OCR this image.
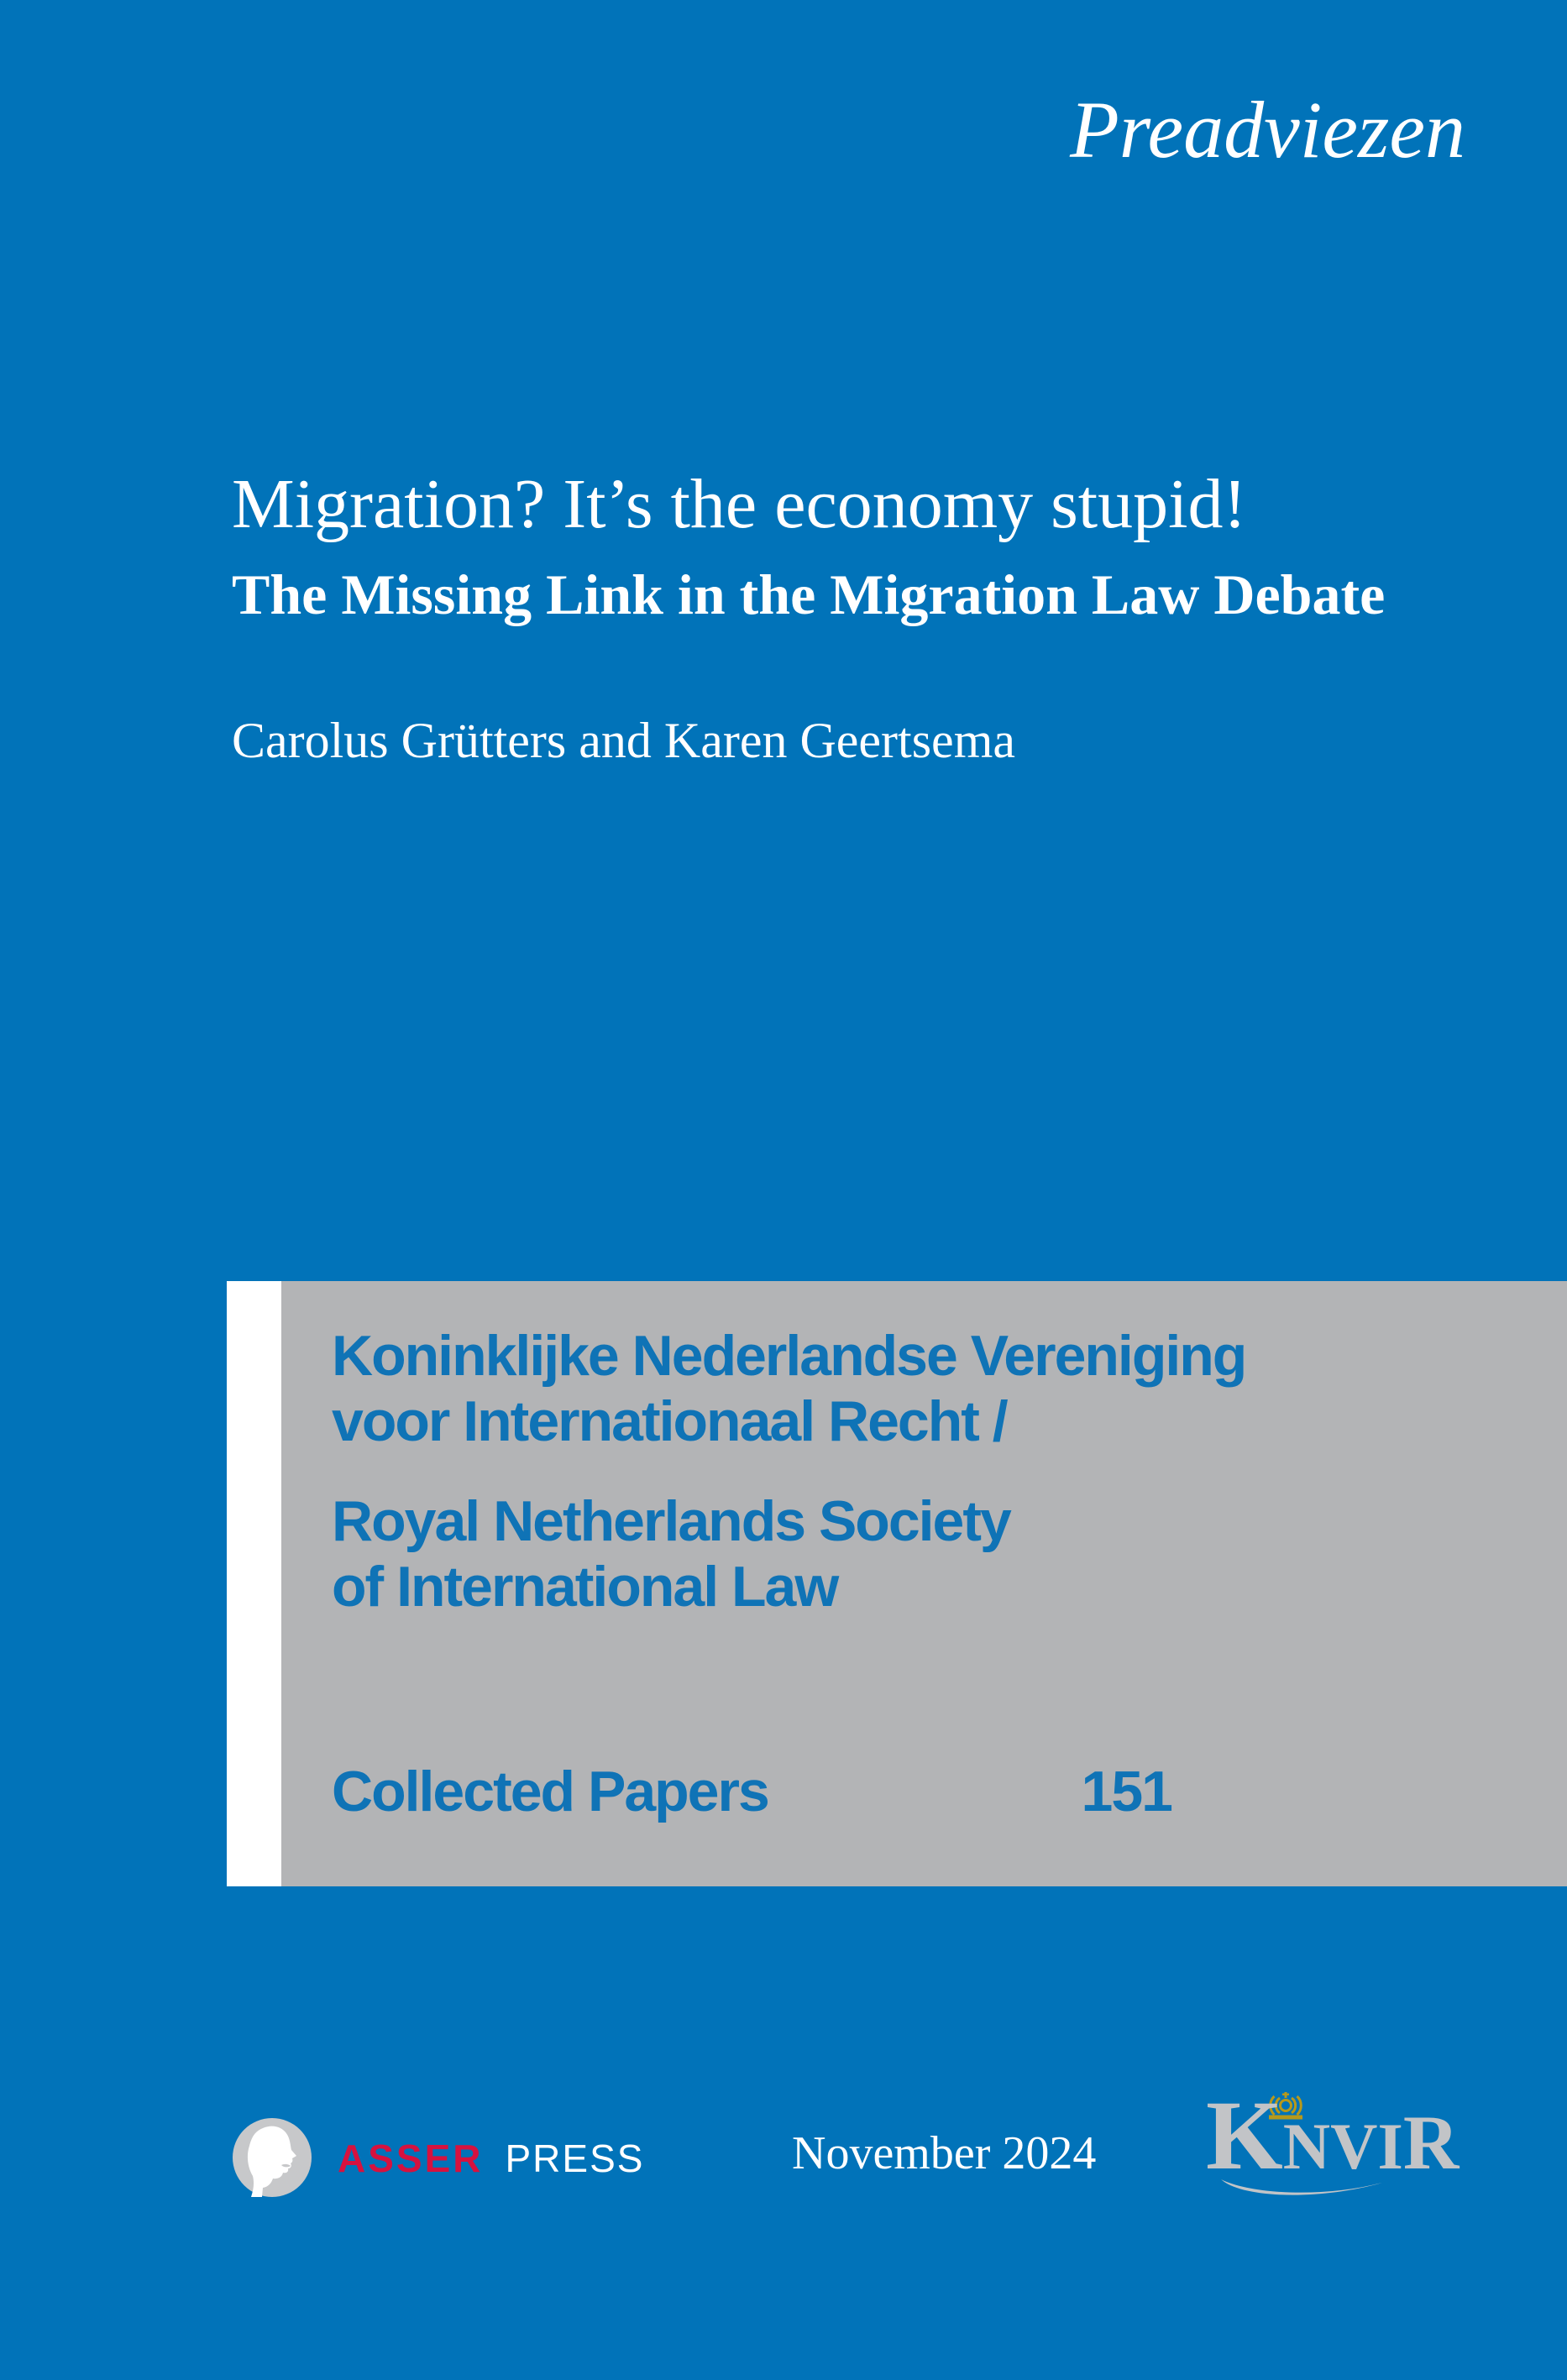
Preadviezen
Migration? It’s the economy stupid!
The Missing Link in the Migration Law Debate
Carolus Grütters and Karen Geertsema

Koninklijke Nederlandse Vereniging
voor Internationaal Recht /

Royal Netherlands Society
of International Law

Collected Papers	151
ASSER PRESS	November 2024 KNVIR
